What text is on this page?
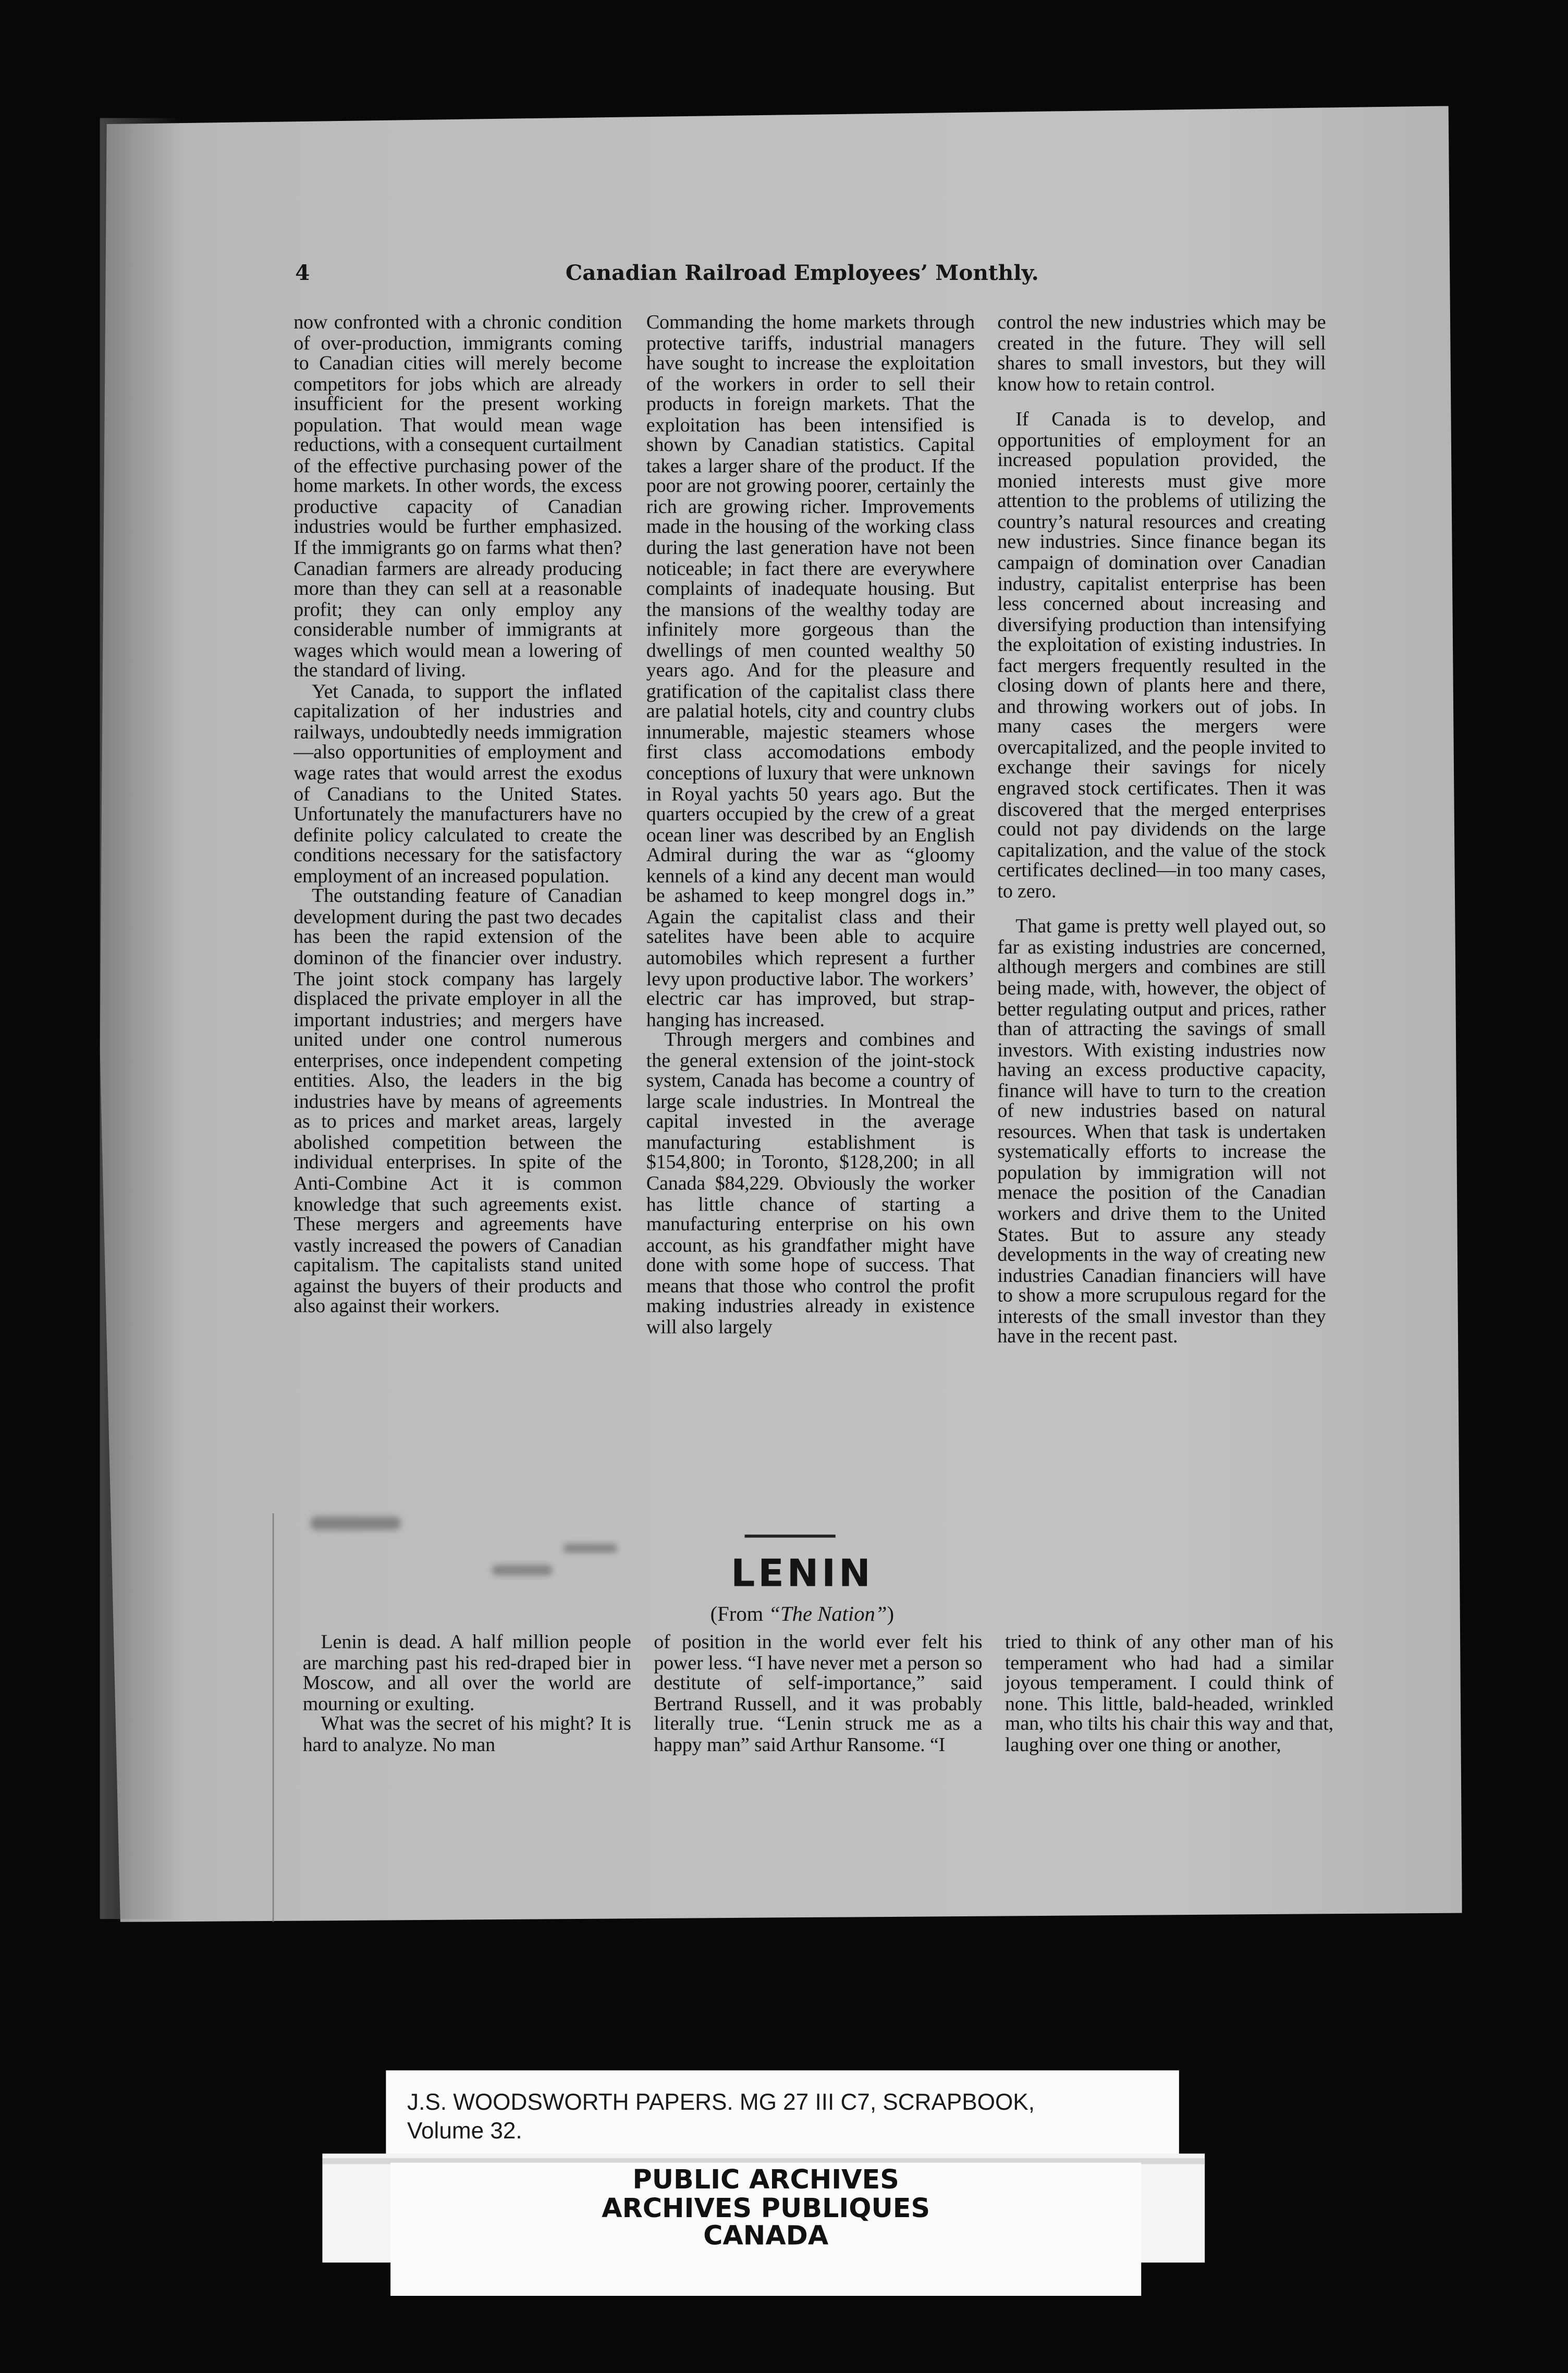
4	Canadian Railroad Employees’ Monthly.

now confronted with a chronic condition of over-production, immigrants coming to Canadian cities will merely become competitors for jobs which are already insufficient for the present working population. That would mean wage reductions, with a consequent curtailment of the effective purchasing power of the home markets. In other words, the excess productive capacity of Canadian industries would be further emphasized. If the immigrants go on farms what then? Canadian farmers are already producing more than they can sell at a reasonable profit; they can only employ any considerable number of immigrants at wages which would mean a lowering of the standard of living.

Yet Canada, to support the inflated capitalization of her industries and railways, undoubtedly needs immigration—also opportunities of employment and wage rates that would arrest the exodus of Canadians to the United States. Unfortunately the manufacturers have no definite policy calculated to create the conditions necessary for the satisfactory employment of an increased population.

The outstanding feature of Canadian development during the past two decades has been the rapid extension of the dominon of the financier over industry. The joint stock company has largely displaced the private employer in all the important industries; and mergers have united under one control numerous enterprises, once independent competing entities. Also, the leaders in the big industries have by means of agreements as to prices and market areas, largely abolished competition between the individual enterprises. In spite of the Anti-Combine Act it is common knowledge that such agreements exist. These mergers and agreements have vastly increased the powers of Canadian capitalism. The capitalists stand united against the buyers of their products and also against their workers.

Commanding the home markets through protective tariffs, industrial managers have sought to increase the exploitation of the workers in order to sell their products in foreign markets. That the exploitation has been intensified is shown by Canadian statistics. Capital takes a larger share of the product. If the poor are not growing poorer, certainly the rich are growing richer. Improvements made in the housing of the working class during the last generation have not been noticeable; in fact there are everywhere complaints of inadequate housing. But the mansions of the wealthy today are infinitely more gorgeous than the dwellings of men counted wealthy 50 years ago. And for the pleasure and gratification of the capitalist class there are palatial hotels, city and country clubs innumerable, majestic steamers whose first class accomodations embody conceptions of luxury that were unknown in Royal yachts 50 years ago. But the quarters occupied by the crew of a great ocean liner was described by an English Admiral during the war as “gloomy kennels of a kind any decent man would be ashamed to keep mongrel dogs in.” Again the capitalist class and their satelites have been able to acquire automobiles which represent a further levy upon productive labor. The workers’ electric car has improved, but strap-hanging has increased.

Through mergers and combines and the general extension of the joint-stock system, Canada has become a country of large scale industries. In Montreal the capital invested in the average manufacturing establishment is $154,800; in Toronto, $128,200; in all Canada $84,229. Obviously the worker has little chance of starting a manufacturing enterprise on his own account, as his grandfather might have done with some hope of success. That means that those who control the profit making industries already in existence will also largely

control the new industries which may be created in the future. They will sell shares to small investors, but they will know how to retain control.

If Canada is to develop, and opportunities of employment for an increased population provided, the monied interests must give more attention to the problems of utilizing the country’s natural resources and creating new industries. Since finance began its campaign of domination over Canadian industry, capitalist enterprise has been less concerned about increasing and diversifying production than intensifying the exploitation of existing industries. In fact mergers frequently resulted in the closing down of plants here and there, and throwing workers out of jobs. In many cases the mergers were overcapitalized, and the people invited to exchange their savings for nicely engraved stock certificates. Then it was discovered that the merged enterprises could not pay dividends on the large capitalization, and the value of the stock certificates declined—in too many cases, to zero.

That game is pretty well played out, so far as existing industries are concerned, although mergers and combines are still being made, with, however, the object of better regulating output and prices, rather than of attracting the savings of small investors. With existing industries now having an excess productive capacity, finance will have to turn to the creation of new industries based on natural resources. When that task is undertaken systematically efforts to increase the population by immigration will not menace the position of the Canadian workers and drive them to the United States. But to assure any steady developments in the way of creating new industries Canadian financiers will have to show a more scrupulous regard for the interests of the small investor than they have in the recent past.

LENIN
(From “The Nation”)

Lenin is dead. A half million people are marching past his red-draped bier in Moscow, and all over the world are mourning or exulting.

What was the secret of his might? It is hard to analyze. No man

of position in the world ever felt his power less. “I have never met a person so destitute of self-importance,” said Bertrand Russell, and it was probably literally true. “Lenin struck me as a happy man” said Arthur Ransome. “I

tried to think of any other man of his temperament who had had a similar joyous temperament. I could think of none. This little, bald-headed, wrinkled man, who tilts his chair this way and that, laughing over one thing or another,

J.S. WOODSWORTH PAPERS. MG 27 III C7, SCRAPBOOK,
Volume 32.
PUBLIC ARCHIVES
ARCHIVES PUBLIQUES
CANADA
